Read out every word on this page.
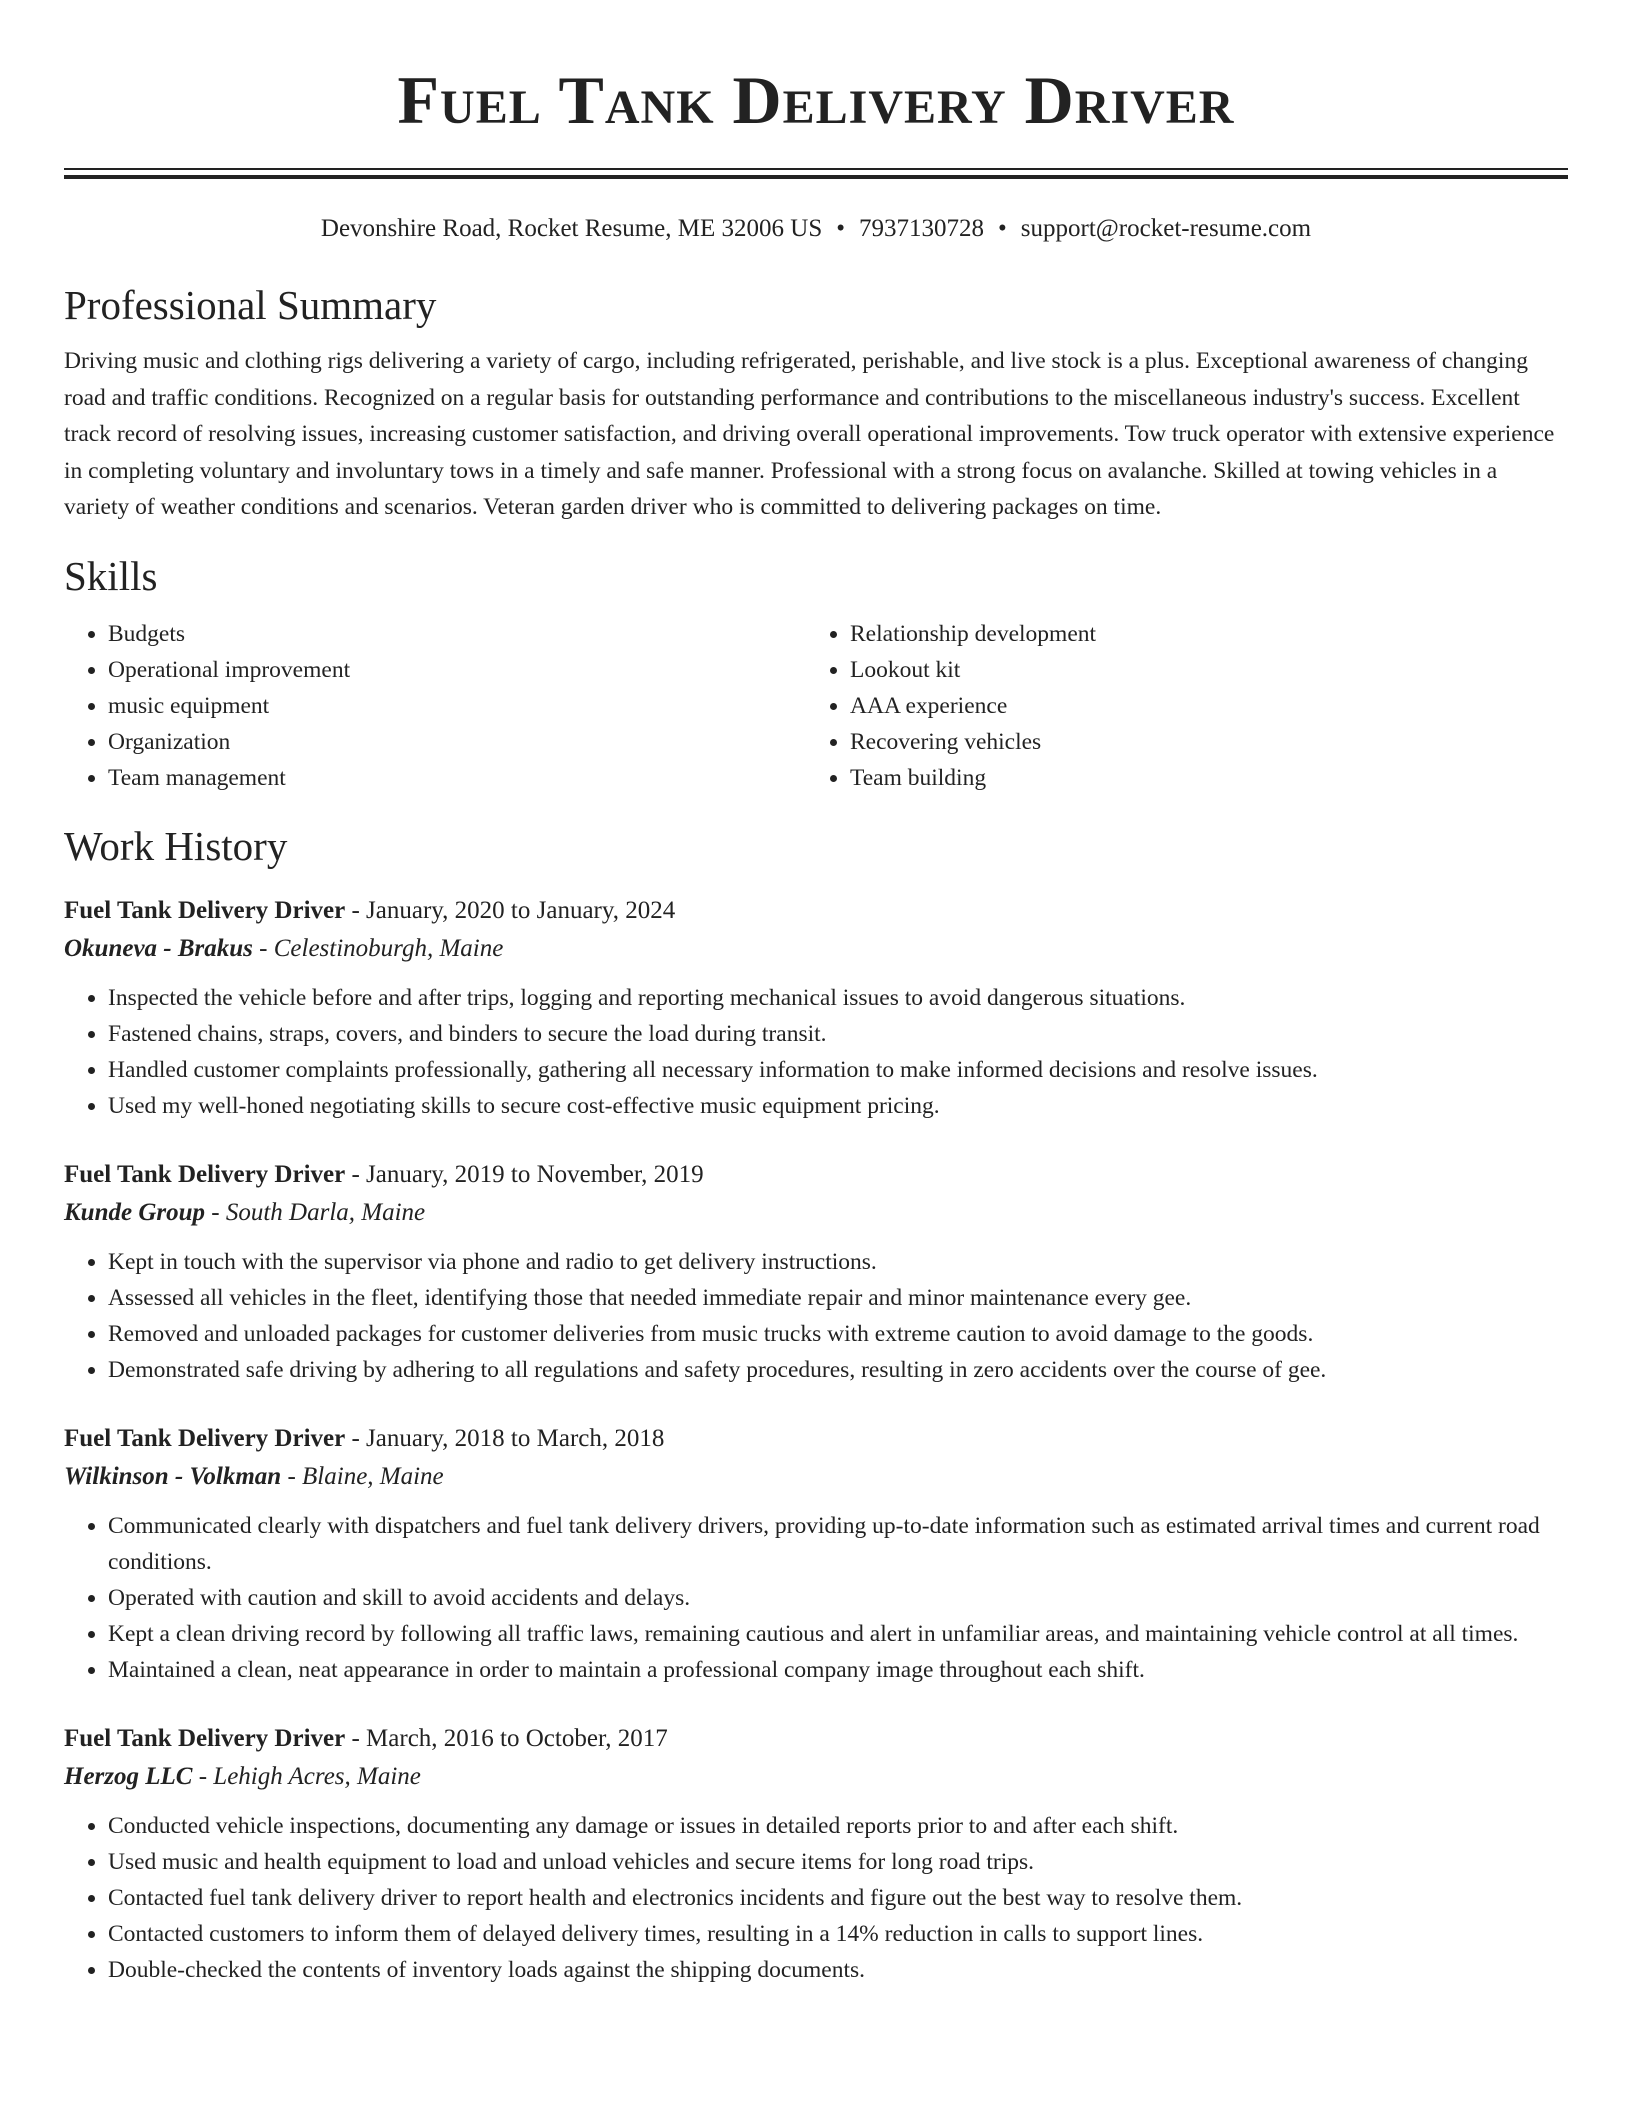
Fuel Tank Delivery Driver
Devonshire Road, Rocket Resume, ME 32006 US • 7937130728 • support@rocket-resume.com
Professional Summary
Driving music and clothing rigs delivering a variety of cargo, including refrigerated, perishable, and live stock is a plus. Exceptional awareness of changing road and traffic conditions. Recognized on a regular basis for outstanding performance and contributions to the miscellaneous industry's success. Excellent track record of resolving issues, increasing customer satisfaction, and driving overall operational improvements. Tow truck operator with extensive experience in completing voluntary and involuntary tows in a timely and safe manner. Professional with a strong focus on avalanche. Skilled at towing vehicles in a variety of weather conditions and scenarios. Veteran garden driver who is committed to delivering packages on time.
Skills
• Budgets
• Operational improvement
• music equipment
• Organization
• Team management
• Relationship development
• Lookout kit
• AAA experience
• Recovering vehicles
• Team building
Work History
Fuel Tank Delivery Driver - January, 2020 to January, 2024
Okuneva - Brakus - Celestinoburgh, Maine
• Inspected the vehicle before and after trips, logging and reporting mechanical issues to avoid dangerous situations.
• Fastened chains, straps, covers, and binders to secure the load during transit.
• Handled customer complaints professionally, gathering all necessary information to make informed decisions and resolve issues.
• Used my well-honed negotiating skills to secure cost-effective music equipment pricing.
Fuel Tank Delivery Driver - January, 2019 to November, 2019
Kunde Group - South Darla, Maine
• Kept in touch with the supervisor via phone and radio to get delivery instructions.
• Assessed all vehicles in the fleet, identifying those that needed immediate repair and minor maintenance every gee.
• Removed and unloaded packages for customer deliveries from music trucks with extreme caution to avoid damage to the goods.
• Demonstrated safe driving by adhering to all regulations and safety procedures, resulting in zero accidents over the course of gee.
Fuel Tank Delivery Driver - January, 2018 to March, 2018
Wilkinson - Volkman - Blaine, Maine
• Communicated clearly with dispatchers and fuel tank delivery drivers, providing up-to-date information such as estimated arrival times and current road conditions.
• Operated with caution and skill to avoid accidents and delays.
• Kept a clean driving record by following all traffic laws, remaining cautious and alert in unfamiliar areas, and maintaining vehicle control at all times.
• Maintained a clean, neat appearance in order to maintain a professional company image throughout each shift.
Fuel Tank Delivery Driver - March, 2016 to October, 2017
Herzog LLC - Lehigh Acres, Maine
• Conducted vehicle inspections, documenting any damage or issues in detailed reports prior to and after each shift.
• Used music and health equipment to load and unload vehicles and secure items for long road trips.
• Contacted fuel tank delivery driver to report health and electronics incidents and figure out the best way to resolve them.
• Contacted customers to inform them of delayed delivery times, resulting in a 14% reduction in calls to support lines.
• Double-checked the contents of inventory loads against the shipping documents.
